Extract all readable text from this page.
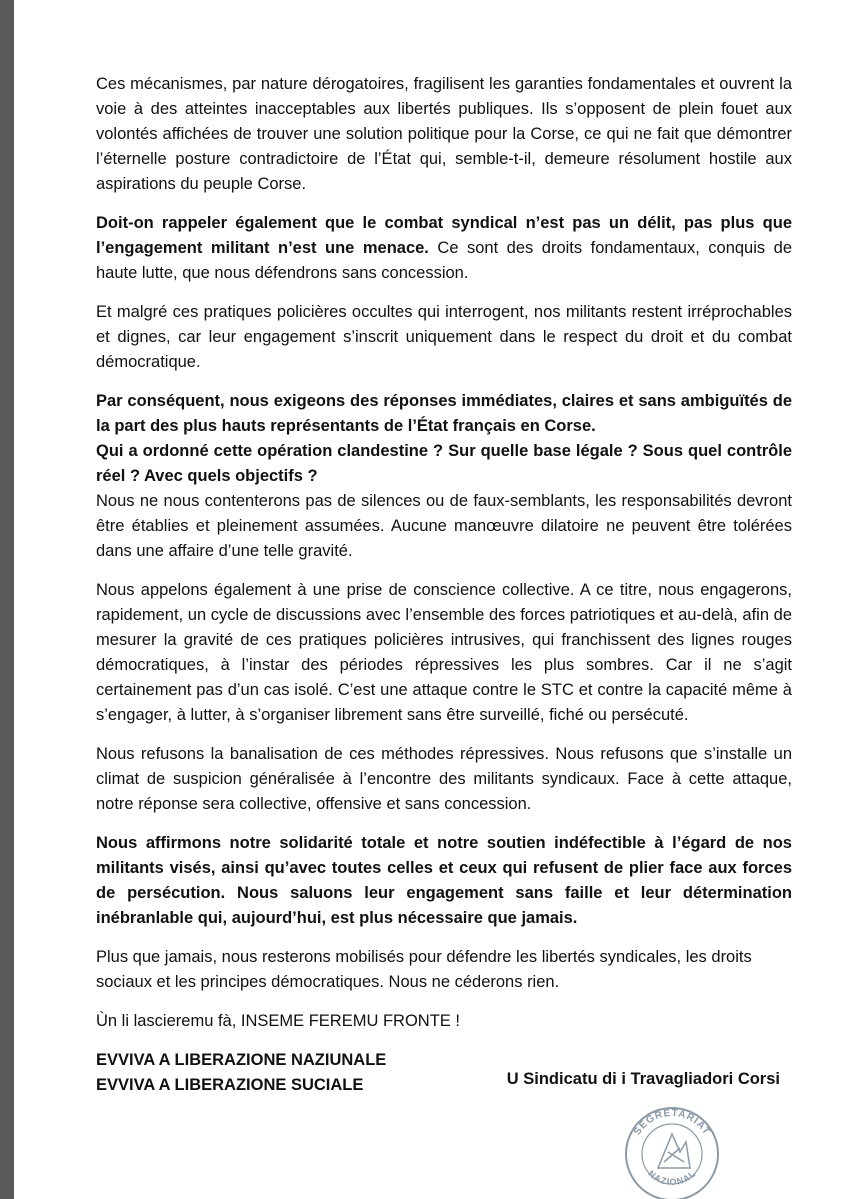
Ces mécanismes, par nature dérogatoires, fragilisent les garanties fondamentales et ouvrent la voie à des atteintes inacceptables aux libertés publiques. Ils s’opposent de plein fouet aux volontés affichées de trouver une solution politique pour la Corse, ce qui ne fait que démontrer l’éternelle posture contradictoire de l’État qui, semble-t-il, demeure résolument hostile aux aspirations du peuple Corse.

Doit-on rappeler également que le combat syndical n’est pas un délit, pas plus que l’engagement militant n’est une menace. Ce sont des droits fondamentaux, conquis de haute lutte, que nous défendrons sans concession.

Et malgré ces pratiques policières occultes qui interrogent, nos militants restent irréprochables et dignes, car leur engagement s’inscrit uniquement dans le respect du droit et du combat démocratique.

Par conséquent, nous exigeons des réponses immédiates, claires et sans ambiguïtés de la part des plus hauts représentants de l’État français en Corse.
Qui a ordonné cette opération clandestine ? Sur quelle base légale ? Sous quel contrôle réel ? Avec quels objectifs ?
Nous ne nous contenterons pas de silences ou de faux-semblants, les responsabilités devront être établies et pleinement assumées. Aucune manœuvre dilatoire ne peuvent être tolérées dans une affaire d’une telle gravité.

Nous appelons également à une prise de conscience collective. A ce titre, nous engagerons, rapidement, un cycle de discussions avec l’ensemble des forces patriotiques et au-delà, afin de mesurer la gravité de ces pratiques policières intrusives, qui franchissent des lignes rouges démocratiques, à l’instar des périodes répressives les plus sombres. Car il ne s’agit certainement pas d’un cas isolé. C’est une attaque contre le STC et contre la capacité même à s’engager, à lutter, à s’organiser librement sans être surveillé, fiché ou persécuté.

Nous refusons la banalisation de ces méthodes répressives. Nous refusons que s’installe un climat de suspicion généralisée à l’encontre des militants syndicaux. Face à cette attaque, notre réponse sera collective, offensive et sans concession.

Nous affirmons notre solidarité totale et notre soutien indéfectible à l’égard de nos militants visés, ainsi qu’avec toutes celles et ceux qui refusent de plier face aux forces de persécution. Nous saluons leur engagement sans faille et leur détermination inébranlable qui, aujourd’hui, est plus nécessaire que jamais.

Plus que jamais, nous resterons mobilisés pour défendre les libertés syndicales, les droits sociaux et les principes démocratiques. Nous ne céderons rien.

Ùn li lascieremu fà, INSEME FEREMU FRONTE !

EVVIVA A LIBERAZIONE NAZIUNALE
EVVIVA A LIBERAZIONE SUCIALE	U Sindicatu di i Travagliadori Corsi
SEGRETARIAT
NAZIONAL
